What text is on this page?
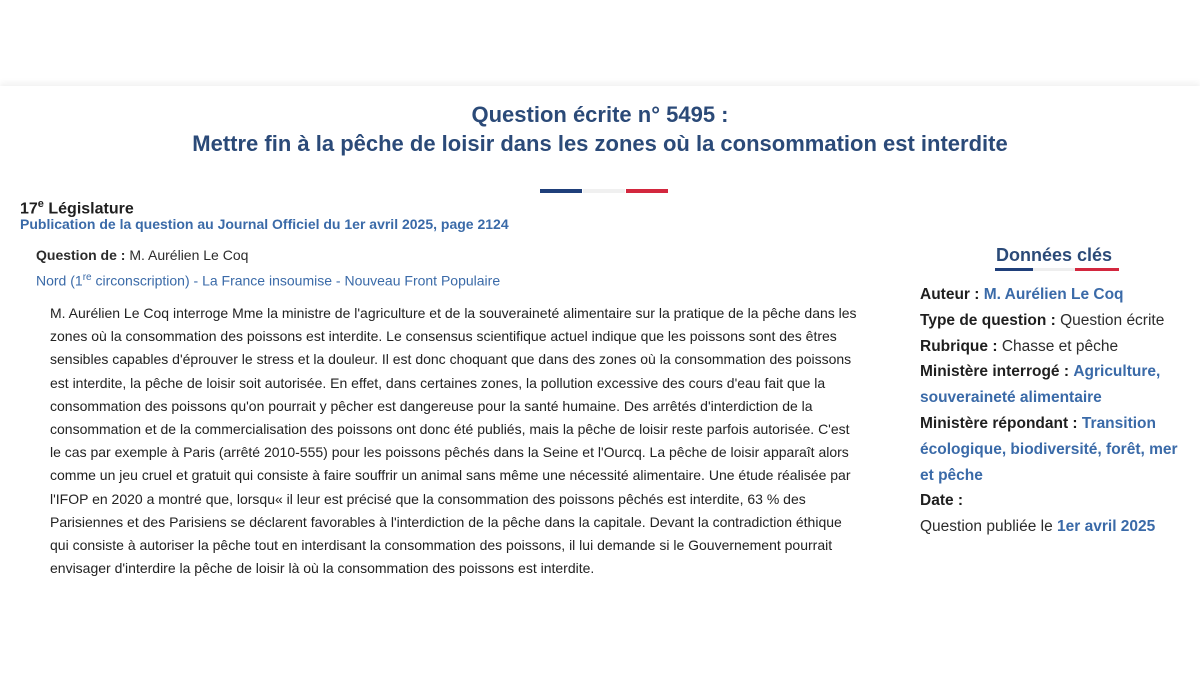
Question écrite n° 5495 :
Mettre fin à la pêche de loisir dans les zones où la consommation est interdite
17e Législature
Publication de la question au Journal Officiel du 1er avril 2025, page 2124
Question de : M. Aurélien Le Coq
Nord (1re circonscription) - La France insoumise - Nouveau Front Populaire

M. Aurélien Le Coq interroge Mme la ministre de l'agriculture et de la souveraineté alimentaire sur la pratique de la pêche dans les zones où la consommation des poissons est interdite. Le consensus scientifique actuel indique que les poissons sont des êtres sensibles capables d'éprouver le stress et la douleur. Il est donc choquant que dans des zones où la consommation des poissons est interdite, la pêche de loisir soit autorisée. En effet, dans certaines zones, la pollution excessive des cours d'eau fait que la consommation des poissons qu'on pourrait y pêcher est dangereuse pour la santé humaine. Des arrêtés d'interdiction de la consommation et de la commercialisation des poissons ont donc été publiés, mais la pêche de loisir reste parfois autorisée. C'est le cas par exemple à Paris (arrêté 2010-555) pour les poissons pêchés dans la Seine et l'Ourcq. La pêche de loisir apparaît alors comme un jeu cruel et gratuit qui consiste à faire souffrir un animal sans même une nécessité alimentaire. Une étude réalisée par l'IFOP en 2020 a montré que, lorsqu« il leur est précisé que la consommation des poissons pêchés est interdite, 63 % des Parisiennes et des Parisiens se déclarent favorables à l'interdiction de la pêche dans la capitale. Devant la contradiction éthique qui consiste à autoriser la pêche tout en interdisant la consommation des poissons, il lui demande si le Gouvernement pourrait envisager d'interdire la pêche de loisir là où la consommation des poissons est interdite.

Données clés
Auteur : M. Aurélien Le Coq
Type de question : Question écrite
Rubrique : Chasse et pêche
Ministère interrogé : Agriculture, souveraineté alimentaire
Ministère répondant : Transition écologique, biodiversité, forêt, mer et pêche
Date :
Question publiée le 1er avril 2025
